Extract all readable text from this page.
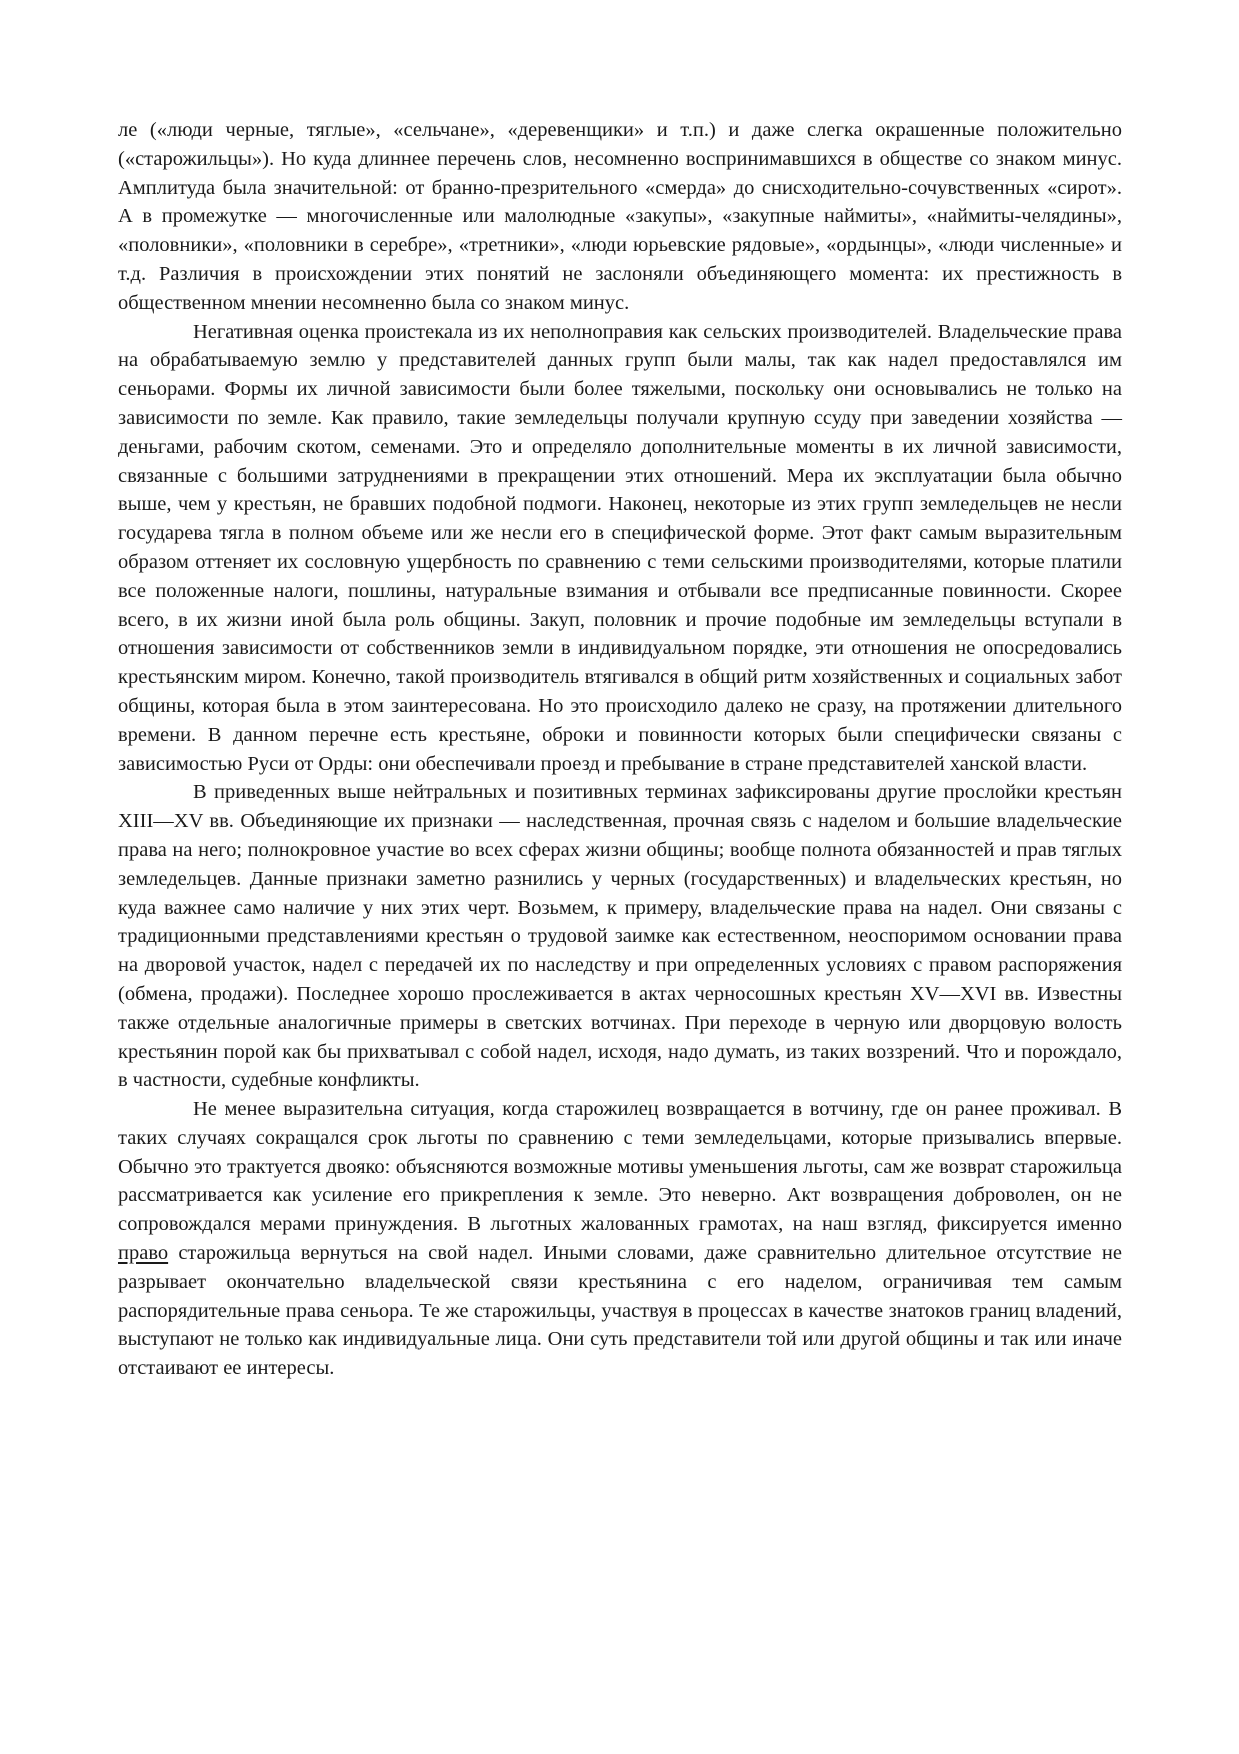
ле («люди черные, тяглые», «сельчане», «деревенщики» и т.п.) и даже слегка окрашенные положительно («старожильцы»). Но куда длиннее перечень слов, несомненно воспринимавшихся в обществе со знаком минус. Амплитуда была значительной: от бранно-презрительного «смерда» до снисходительно-сочувственных «сирот». А в промежутке — многочисленные или малолюдные «закупы», «закупные наймиты», «наймиты-челядины», «половники», «половники в серебре», «третники», «люди юрьевские рядовые», «ордынцы», «люди численные» и т.д. Различия в происхождении этих понятий не заслоняли объединяющего момента: их престижность в общественном мнении несомненно была со знаком минус.

Негативная оценка проистекала из их неполноправия как сельских производителей. Владельческие права на обрабатываемую землю у представителей данных групп были малы, так как надел предоставлялся им сеньорами. Формы их личной зависимости были более тяжелыми, поскольку они основывались не только на зависимости по земле. Как правило, такие земледельцы получали крупную ссуду при заведении хозяйства — деньгами, рабочим скотом, семенами. Это и определяло дополнительные моменты в их личной зависимости, связанные с большими затруднениями в прекращении этих отношений. Мера их эксплуатации была обычно выше, чем у крестьян, не бравших подобной подмоги. Наконец, некоторые из этих групп земледельцев не несли государева тягла в полном объеме или же несли его в специфической форме. Этот факт самым выразительным образом оттеняет их сословную ущербность по сравнению с теми сельскими производителями, которые платили все положенные налоги, пошлины, натуральные взимания и отбывали все предписанные повинности. Скорее всего, в их жизни иной была роль общины. Закуп, половник и прочие подобные им земледельцы вступали в отношения зависимости от собственников земли в индивидуальном порядке, эти отношения не опосредовались крестьянским миром. Конечно, такой производитель втягивался в общий ритм хозяйственных и социальных забот общины, которая была в этом заинтересована. Но это происходило далеко не сразу, на протяжении длительного времени. В данном перечне есть крестьяне, оброки и повинности которых были специфически связаны с зависимостью Руси от Орды: они обеспечивали проезд и пребывание в стране представителей ханской власти.

В приведенных выше нейтральных и позитивных терминах зафиксированы другие прослойки крестьян XIII—XV вв. Объединяющие их признаки — наследственная, прочная связь с наделом и большие владельческие права на него; полнокровное участие во всех сферах жизни общины; вообще полнота обязанностей и прав тяглых земледельцев. Данные признаки заметно разнились у черных (государственных) и владельческих крестьян, но куда важнее само наличие у них этих черт. Возьмем, к примеру, владельческие права на надел. Они связаны с традиционными представлениями крестьян о трудовой заимке как естественном, неоспоримом основании права на дворовой участок, надел с передачей их по наследству и при определенных условиях с правом распоряжения (обмена, продажи). Последнее хорошо прослеживается в актах черносошных крестьян XV—XVI вв. Известны также отдельные аналогичные примеры в светских вотчинах. При переходе в черную или дворцовую волость крестьянин порой как бы прихватывал с собой надел, исходя, надо думать, из таких воззрений. Что и порождало, в частности, судебные конфликты.

Не менее выразительна ситуация, когда старожилец возвращается в вотчину, где он ранее проживал. В таких случаях сокращался срок льготы по сравнению с теми земледельцами, которые призывались впервые. Обычно это трактуется двояко: объясняются возможные мотивы уменьшения льготы, сам же возврат старожильца рассматривается как усиление его прикрепления к земле. Это неверно. Акт возвращения доброволен, он не сопровождался мерами принуждения. В льготных жалованных грамотах, на наш взгляд, фиксируется именно право старожильца вернуться на свой надел. Иными словами, даже сравнительно длительное отсутствие не разрывает окончательно владельческой связи крестьянина с его наделом, ограничивая тем самым распорядительные права сеньора. Те же старожильцы, участвуя в процессах в качестве знатоков границ владений, выступают не только как индивидуальные лица. Они суть представители той или другой общины и так или иначе отстаивают ее интересы.
